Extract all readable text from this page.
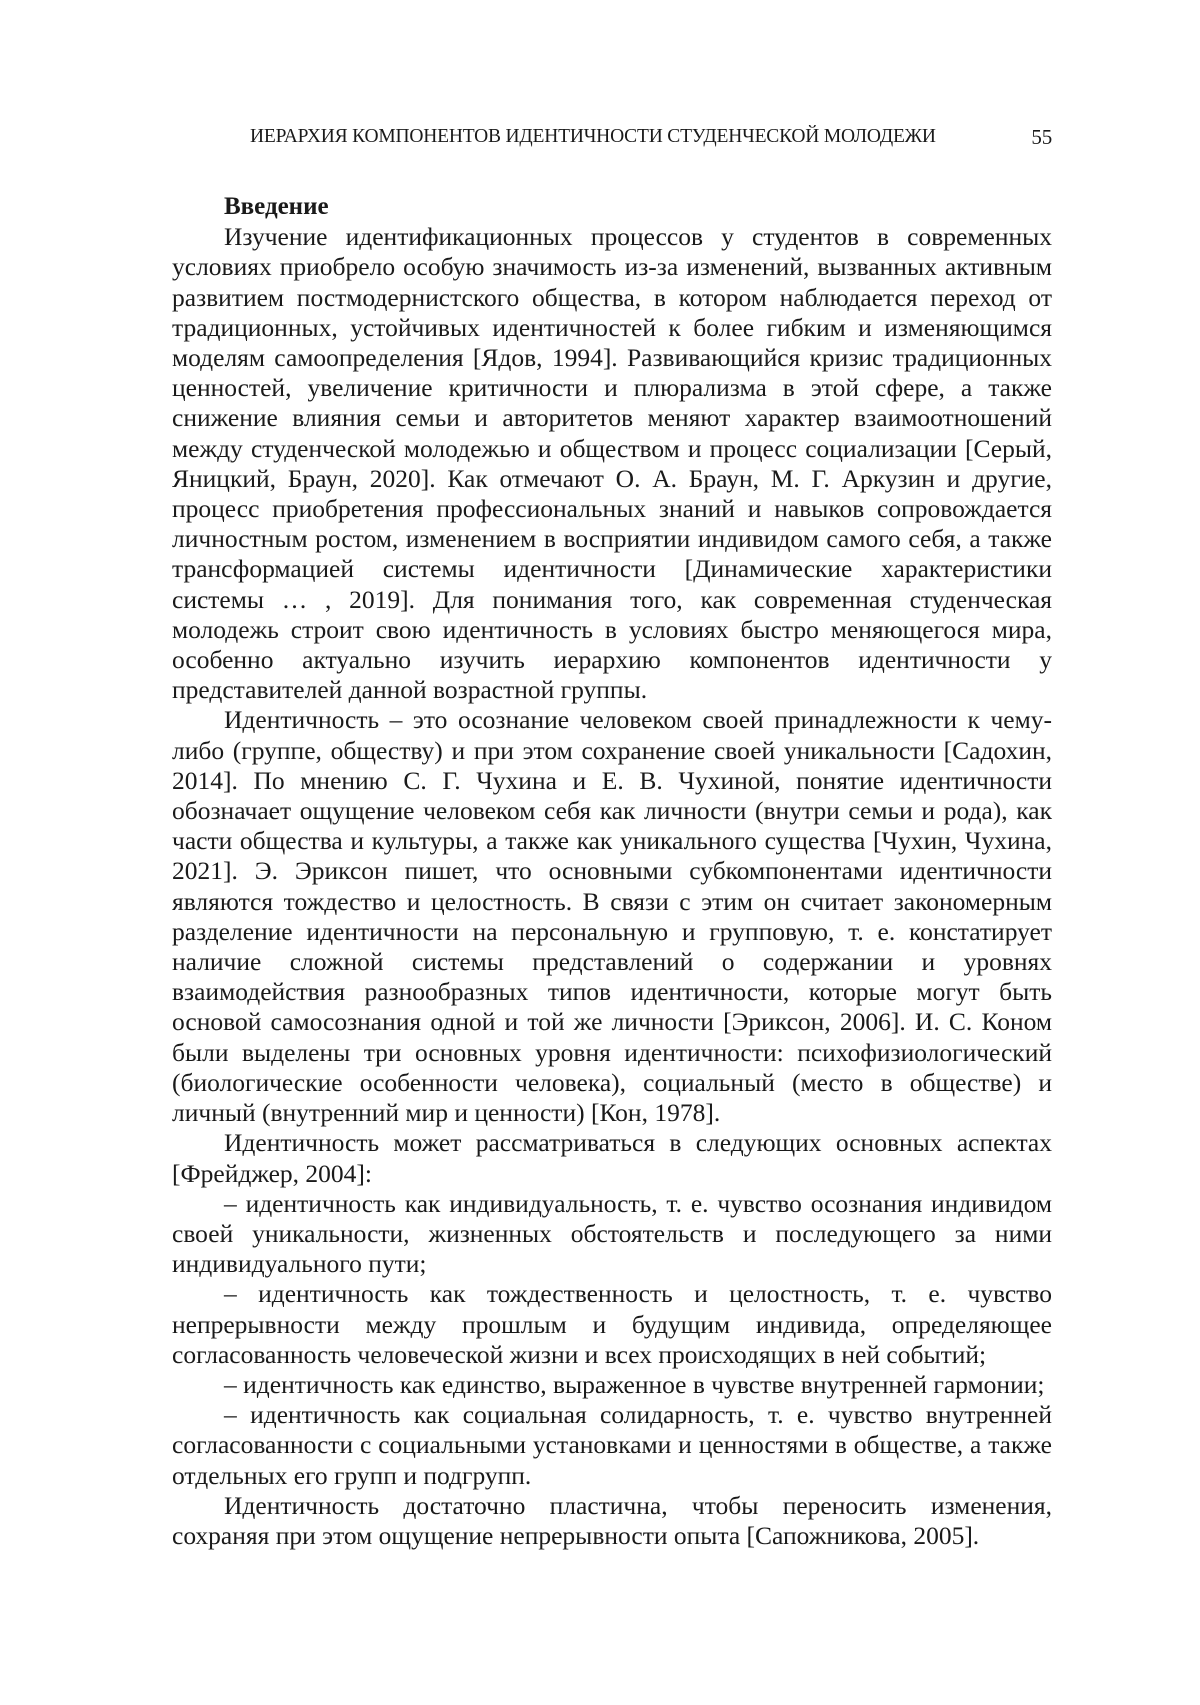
ИЕРАРХИЯ КОМПОНЕНТОВ ИДЕНТИЧНОСТИ СТУДЕНЧЕСКОЙ МОЛОДЕЖИ	55
Введение

Изучение идентификационных процессов у студентов в современных условиях приобрело особую значимость из-за изменений, вызванных активным развитием постмодернистского общества, в котором наблюдается переход от традиционных, устойчивых идентичностей к более гибким и изменяющимся моделям самоопределения [Ядов, 1994]. Развивающийся кризис традиционных ценностей, увеличение критичности и плюрализма в этой сфере, а также снижение влияния семьи и авторитетов меняют характер взаимоотношений между студенческой молодежью и обществом и процесс социализации [Серый, Яницкий, Браун, 2020]. Как отмечают О. А. Браун, М. Г. Аркузин и другие, процесс приобретения профессиональных знаний и навыков сопровождается личностным ростом, изменением в восприятии индивидом самого себя, а также трансформацией системы идентичности [Динамические характеристики системы … , 2019]. Для понимания того, как современная студенческая молодежь строит свою идентичность в условиях быстро меняющегося мира, особенно актуально изучить иерархию компонентов идентичности у представителей данной возрастной группы.

Идентичность – это осознание человеком своей принадлежности к чему-либо (группе, обществу) и при этом сохранение своей уникальности [Садохин, 2014]. По мнению С. Г. Чухина и Е. В. Чухиной, понятие идентичности обозначает ощущение человеком себя как личности (внутри семьи и рода), как части общества и культуры, а также как уникального существа [Чухин, Чухина, 2021]. Э. Эриксон пишет, что основными субкомпонентами идентичности являются тождество и целостность. В связи с этим он считает закономерным разделение идентичности на персональную и групповую, т. е. констатирует наличие сложной системы представлений о содержании и уровнях взаимодействия разнообразных типов идентичности, которые могут быть основой самосознания одной и той же личности [Эриксон, 2006]. И. С. Коном были выделены три основных уровня идентичности: психофизиологический (биологические особенности человека), социальный (место в обществе) и личный (внутренний мир и ценности) [Кон, 1978].

Идентичность может рассматриваться в следующих основных аспектах [Фрейджер, 2004]:

– идентичность как индивидуальность, т. е. чувство осознания индивидом своей уникальности, жизненных обстоятельств и последующего за ними индивидуального пути;

– идентичность как тождественность и целостность, т. е. чувство непрерывности между прошлым и будущим индивида, определяющее согласованность человеческой жизни и всех происходящих в ней событий;

– идентичность как единство, выраженное в чувстве внутренней гармонии;

– идентичность как социальная солидарность, т. е. чувство внутренней согласованности с социальными установками и ценностями в обществе, а также отдельных его групп и подгрупп.

Идентичность достаточно пластична, чтобы переносить изменения, сохраняя при этом ощущение непрерывности опыта [Сапожникова, 2005].
